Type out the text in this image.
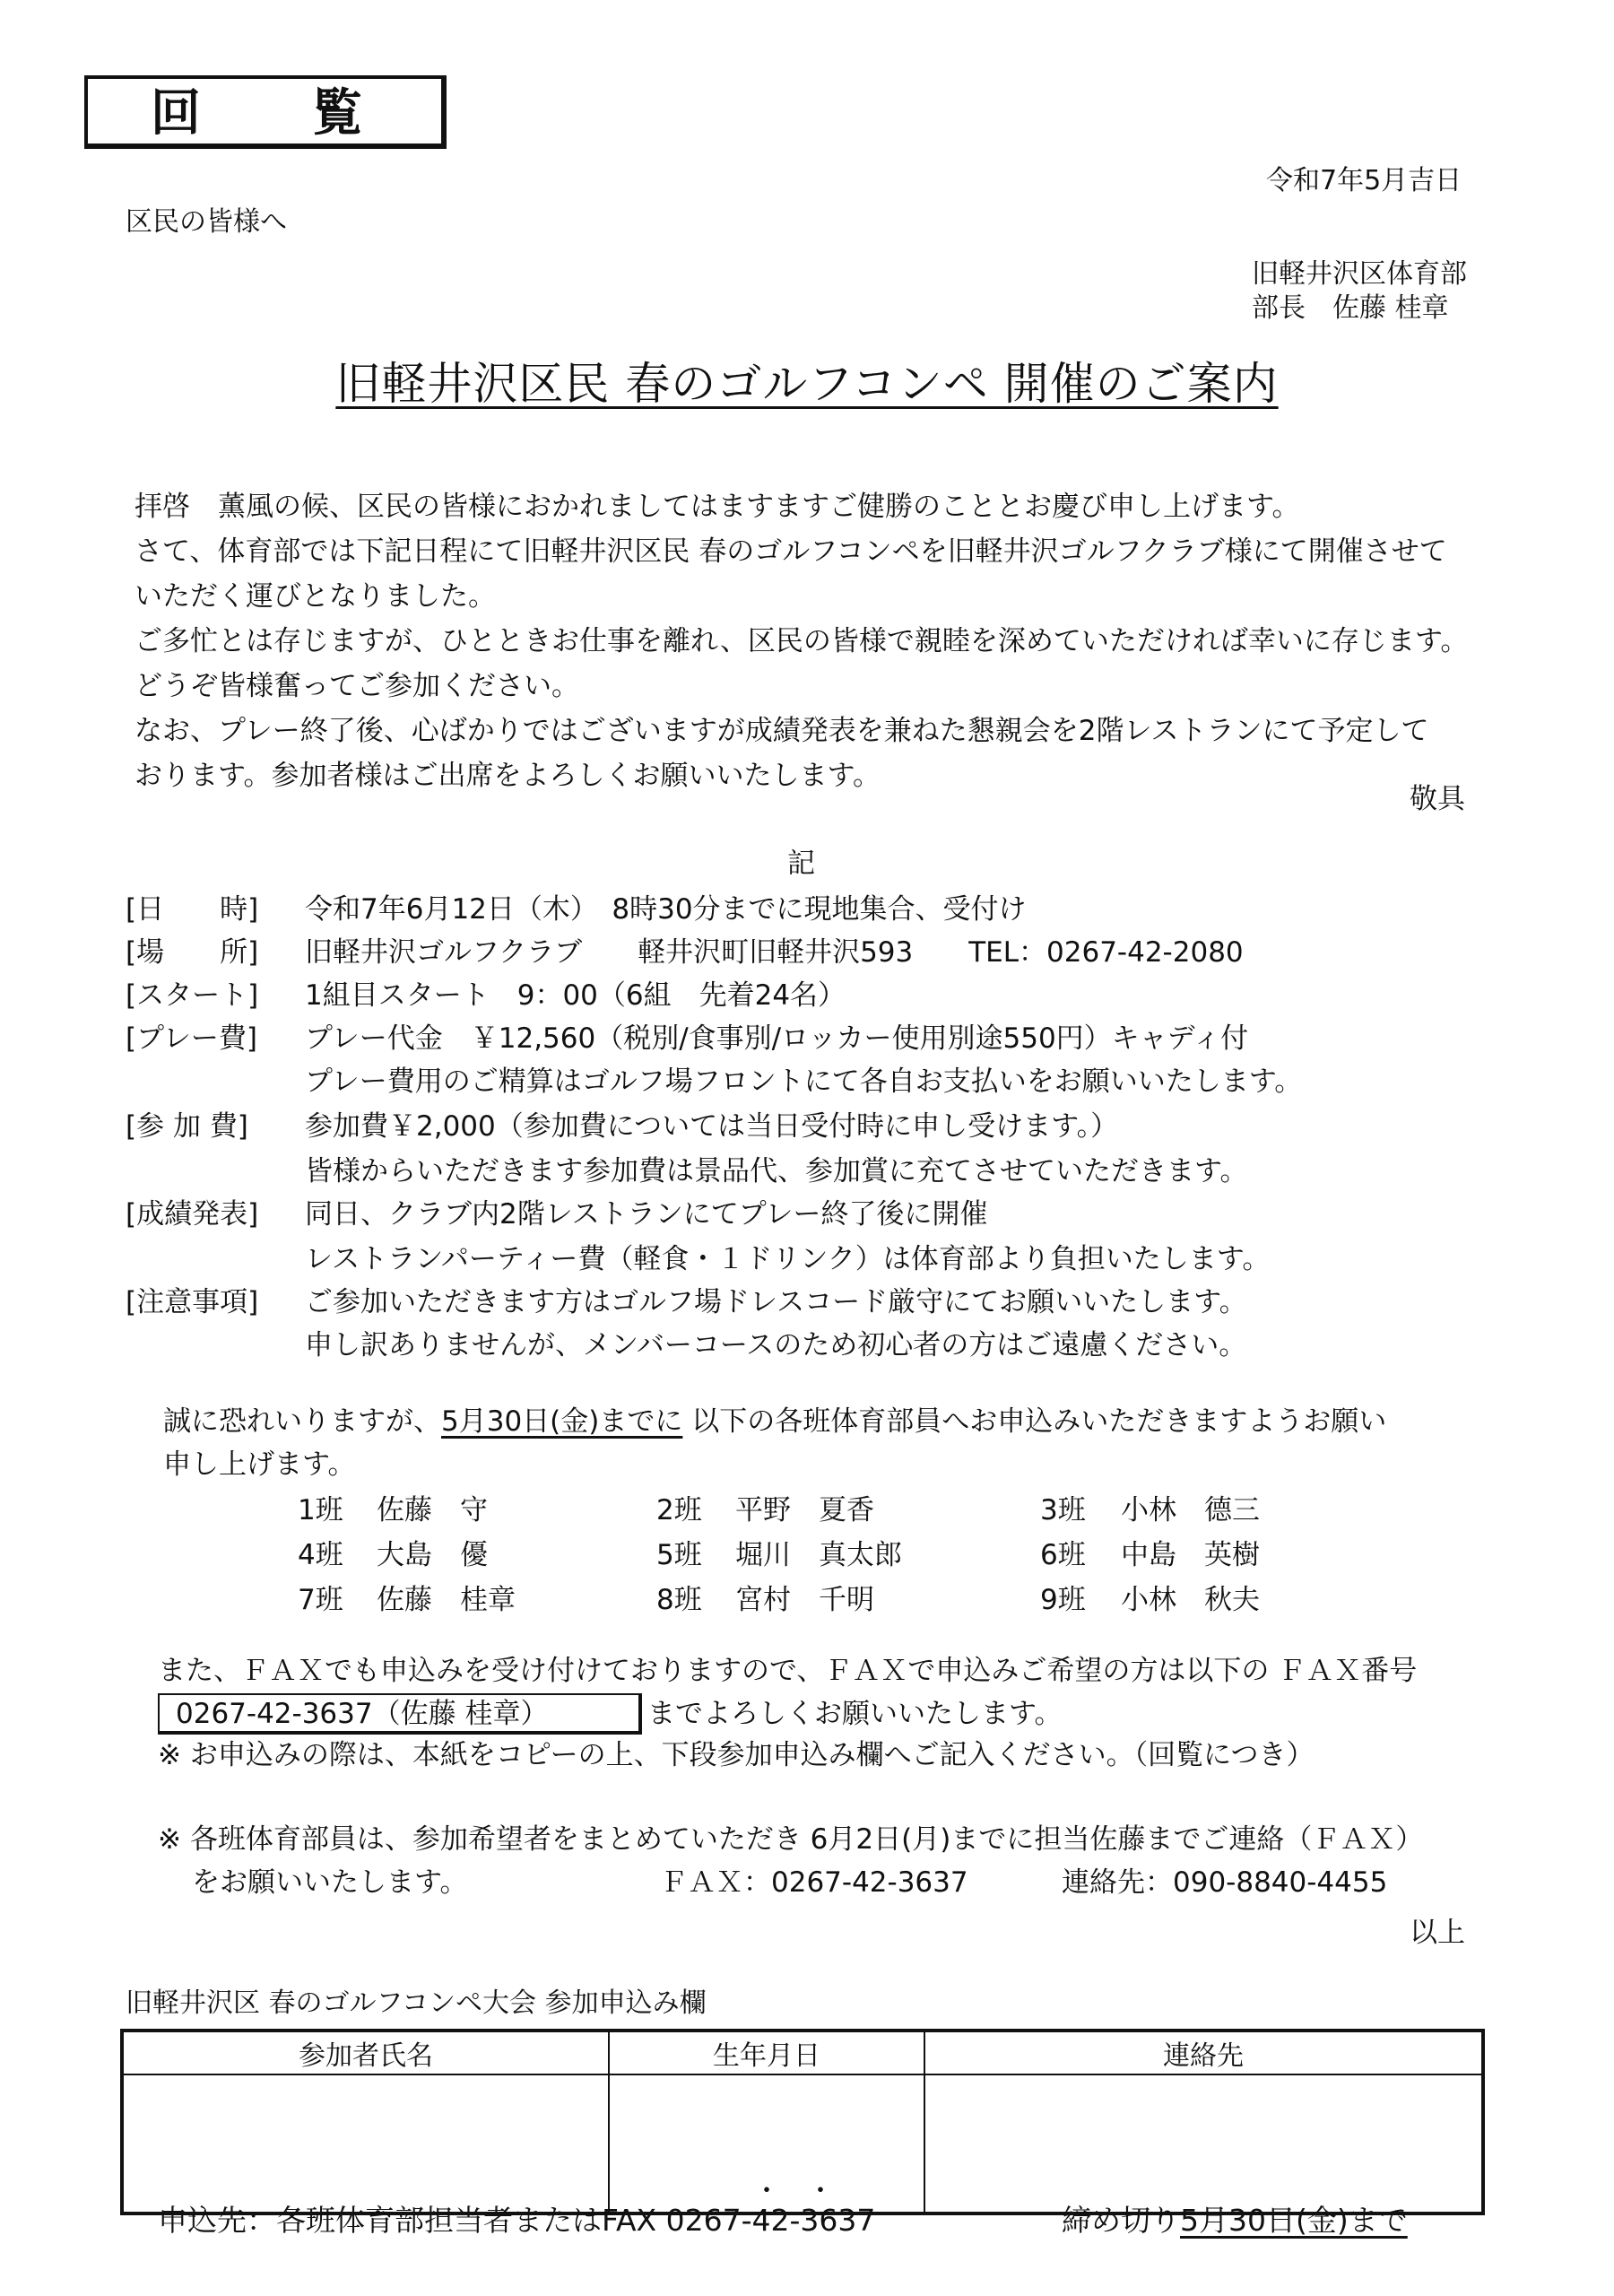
回 覧
令和7年5月吉日
区民の皆様へ
旧軽井沢区体育部
部長　佐藤 桂章
旧軽井沢区民 春のゴルフコンペ 開催のご案内
拝啓　薫風の候、区民の皆様におかれましてはますますご健勝のこととお慶び申し上げます。
さて、体育部では下記日程にて旧軽井沢区民 春のゴルフコンペを旧軽井沢ゴルフクラブ様にて開催させて
いただく運びとなりました。
ご多忙とは存じますが、ひとときお仕事を離れ、区民の皆様で親睦を深めていただければ幸いに存じます。
どうぞ皆様奮ってご参加ください。
なお、プレー終了後、心ばかりではございますが成績発表を兼ねた懇親会を2階レストランにて予定して
おります。参加者様はご出席をよろしくお願いいたします。
敬具
記
[日　　時] 令和7年6月12日（木）　8時30分までに現地集合、受付け
[場　　所] 旧軽井沢ゴルフクラブ　　軽井沢町旧軽井沢593　　TEL：0267-42-2080
[スタート] 1組目スタート　9：00（6組　先着24名）
[プレー費] プレー代金　￥12,560（税別/食事別/ロッカー使用別途550円）キャディ付
プレー費用のご精算はゴルフ場フロントにて各自お支払いをお願いいたします。
[参 加 費] 参加費￥2,000（参加費については当日受付時に申し受けます。）
皆様からいただきます参加費は景品代、参加賞に充てさせていただきます。
[成績発表] 同日、クラブ内2階レストランにてプレー終了後に開催
レストランパーティー費（軽食・１ドリンク）は体育部より負担いたします。
[注意事項] ご参加いただきます方はゴルフ場ドレスコード厳守にてお願いいたします。
申し訳ありませんが、メンバーコースのため初心者の方はご遠慮ください。
誠に恐れいりますが、5月30日(金)までに 以下の各班体育部員へお申込みいただきますようお願い
申し上げます。
1班 佐藤　守	2班 平野　夏香	3班 小林　德三
4班 大島　優	5班 堀川　真太郎	6班 中島　英樹
7班 佐藤　桂章	8班 宮村　千明	9班 小林　秋夫
また、ＦＡＸでも申込みを受け付けておりますので、ＦＡＸで申込みご希望の方は以下の ＦＡＸ番号
0267-42-3637（佐藤 桂章）	までよろしくお願いいたします。
※ お申込みの際は、本紙をコピーの上、下段参加申込み欄へご記入ください。（回覧につき）
※ 各班体育部員は、参加希望者をまとめていただき 6月2日(月)までに担当佐藤までご連絡（ＦＡＸ）
をお願いいたします。	ＦＡＸ：0267-42-3637	連絡先：090-8840-4455
以上
旧軽井沢区 春のゴルフコンペ大会 参加申込み欄
参加者氏名	生年月日	連絡先

	・　・	

申込先：各班体育部担当者またはFAX 0267-42-3637	締め切り5月30日(金)まで
